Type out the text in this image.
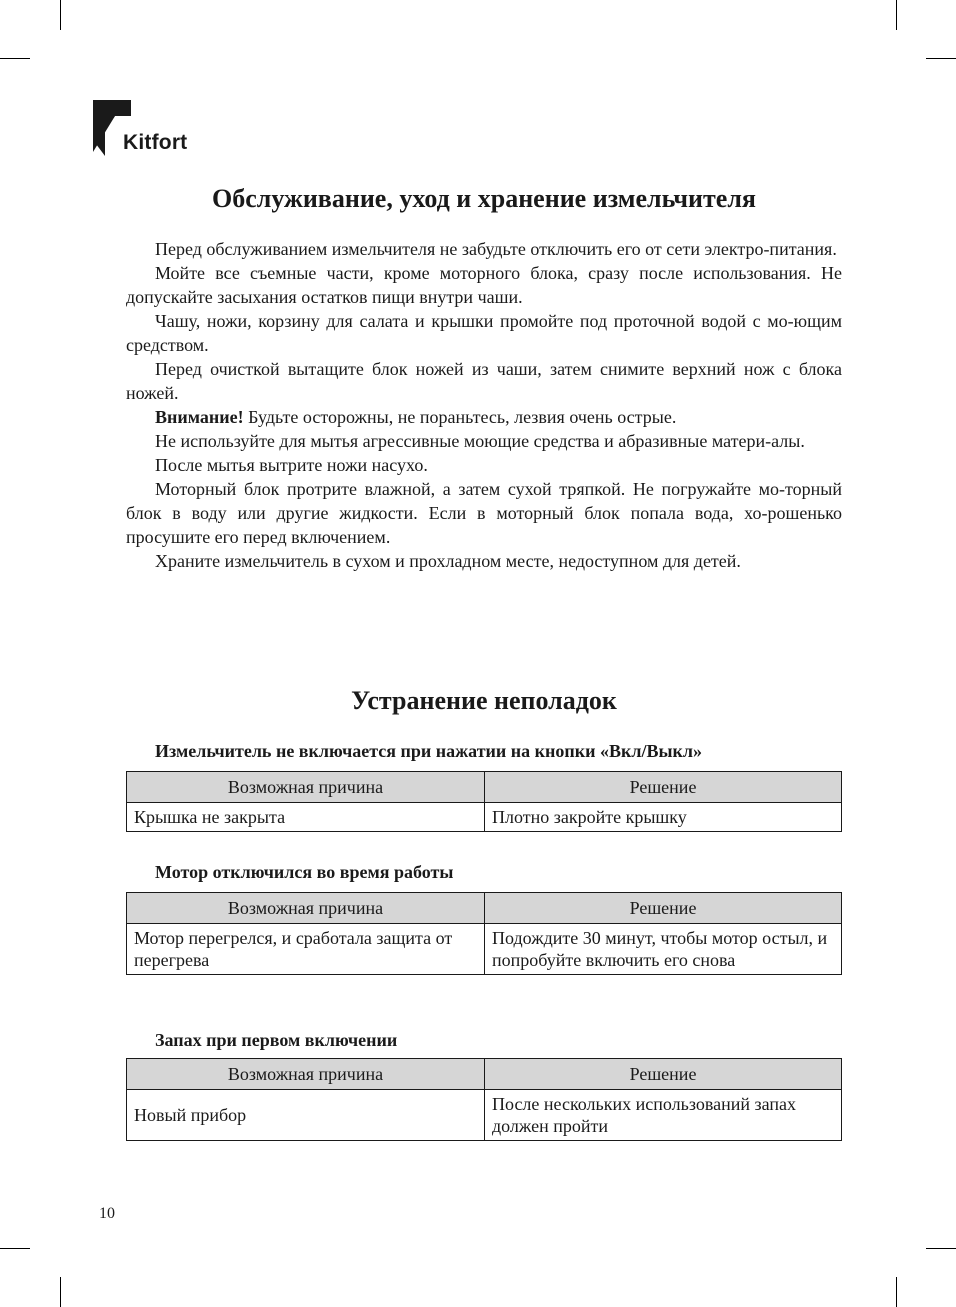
Kitfort
Обслуживание, уход и хранение измельчителя

Перед обслуживанием измельчителя не забудьте отключить его от сети электро-питания.

Мойте все съемные части, кроме моторного блока, сразу после использования. Не допускайте засыхания остатков пищи внутри чаши.

Чашу, ножи, корзину для салата и крышки промойте под проточной водой с мо-ющим средством.

Перед очисткой вытащите блок ножей из чаши, затем снимите верхний нож с блока ножей.

Внимание! Будьте осторожны, не пораньтесь, лезвия очень острые.

Не используйте для мытья агрессивные моющие средства и абразивные матери-алы.

После мытья вытрите ножи насухо.

Моторный блок протрите влажной, а затем сухой тряпкой. Не погружайте мо-торный блок в воду или другие жидкости. Если в моторный блок попала вода, хо-рошенько просушите его перед включением.

Храните измельчитель в сухом и прохладном месте, недоступном для детей.

Устранение неполадок
Измельчитель не включается при нажатии на кнопки «Вкл/Выкл»
Возможная причина	Решение
Крышка не закрыта	Плотно закройте крышку
Мотор отключился во время работы
Возможная причина	Решение
Мотор перегрелся, и сработала защита от перегрева	Подождите 30 минут, чтобы мотор остыл, и попробуйте включить его снова
Запах при первом включении
Возможная причина	Решение
Новый прибор	После нескольких использований запах должен пройти
10
